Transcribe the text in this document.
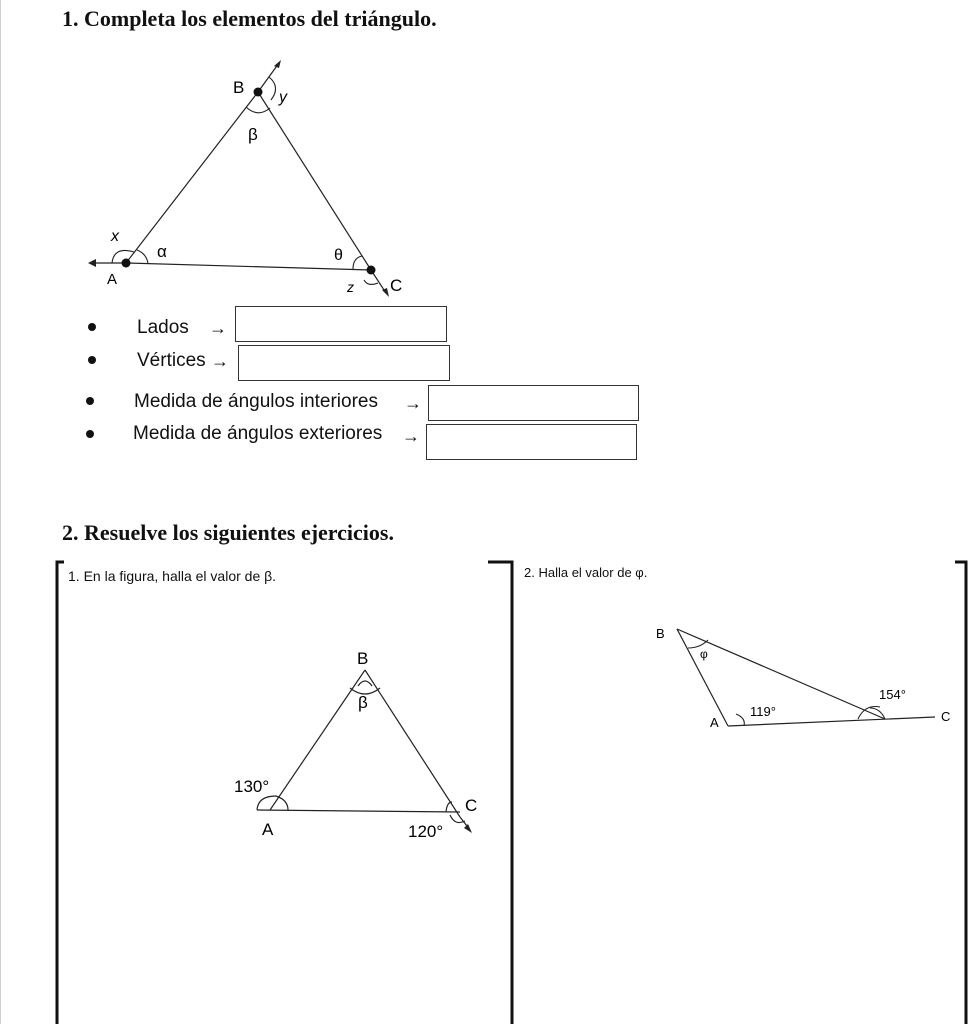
1. Completa los elementos del triángulo.
B
A	C
β
α	θ
y
x
z
Lados →
Vértices →
Medida de ángulos interiores →
Medida de ángulos exteriores →
2. Resuelve los siguientes ejercicios.
1. En la figura, halla el valor de β.	2. Halla el valor de φ.
B
A
C
β
130°
120°
B
A	C
φ
119°
154°
